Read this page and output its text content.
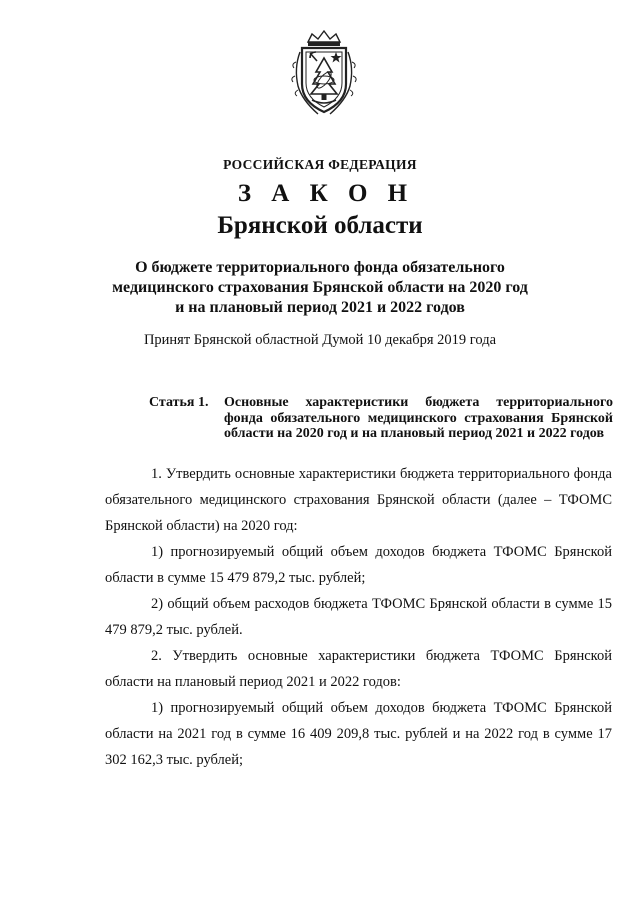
РОССИЙСКАЯ ФЕДЕРАЦИЯ
З А К О Н
Брянской области
О бюджете территориального фонда обязательного
медицинского страхования Брянской области на 2020 год
и на плановый период 2021 и 2022 годов
Принят Брянской областной Думой 10 декабря 2019 года
Статья 1.	Основные характеристики бюджета территориального фонда обязательного медицинского страхования Брянской области на 2020 год и на плановый период 2021 и 2022 годов

1. Утвердить основные характеристики бюджета территориального фонда обязательного медицинского страхования Брянской области (далее – ТФОМС Брянской области) на 2020 год:

1) прогнозируемый общий объем доходов бюджета ТФОМС Брянской области в сумме 15 479 879,2 тыс. рублей;

2) общий объем расходов бюджета ТФОМС Брянской области в сумме 15 479 879,2 тыс. рублей.

2. Утвердить основные характеристики бюджета ТФОМС Брянской области на плановый период 2021 и 2022 годов:

1) прогнозируемый общий объем доходов бюджета ТФОМС Брянской области на 2021 год в сумме 16 409 209,8 тыс. рублей и на 2022 год в сумме 17 302 162,3 тыс. рублей;
